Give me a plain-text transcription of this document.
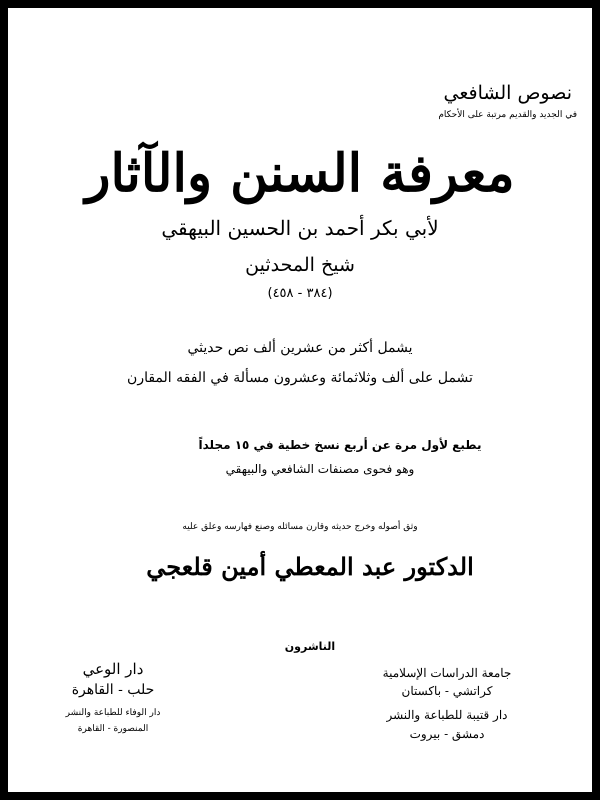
نصوص الشافعي
في الجديد والقديم مرتبة على الأحكام
معرفة السنن والآثار
لأبي بكر أحمد بن الحسين البيهقي
شيخ المحدثين
(٣٨٤ - ٤٥٨)
يشمل أكثر من عشرين ألف نص حديثي
تشمل على ألف وثلاثمائة وعشرون مسألة في الفقه المقارن
يطبع لأول مرة عن أربع نسخ خطية في ١٥ مجلداً
وهو فحوى مصنفات الشافعي والبيهقي
وثق أصوله وخرج حديثه وقارن مسائله وصنع فهارسه وعلق عليه
الدكتور عبد المعطي أمين قلعجي
الناشرون
جامعة الدراسات الإسلامية
كراتشي - باكستان
دار قتيبة للطباعة والنشر
دمشق - بيروت
دار الوعي
حلب - القاهرة
دار الوفاء للطباعة والنشر
المنصورة - القاهرة
